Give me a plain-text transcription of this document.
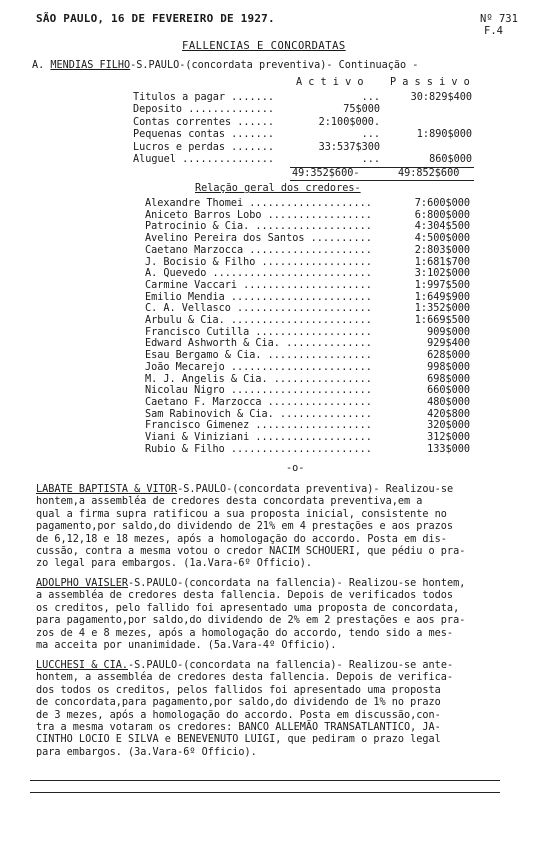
SÃO PAULO, 16 DE FEVEREIRO DE 1927.	Nº 731
F.4
FALLENCIAS E CONCORDATAS
A. MENDIAS FILHO-S.PAULO-(concordata preventiva)- Continuação -
A c t i v o	P a s s i v o
Titulos a pagar .......	...	30:829$400
Deposito ..............	75$000
Contas correntes ......	2:100$000.
Pequenas contas .......	...	1:890$000
Lucros e perdas .......	33:537$300
Aluguel ...............	...	860$000
49:352$600-	49:852$600
Relação geral dos credores-
Alexandre Thomei ....................	7:600$000
Aniceto Barros Lobo .................	6:800$000
Patrocinio & Cia. ...................	4:304$500
Avelino Pereira dos Santos ..........	4:500$000
Caetano Marzocca ....................	2:803$000
J. Bocisio & Filho ..................	1:681$700
A. Quevedo ..........................	3:102$000
Carmine Vaccari .....................	1:997$500
Emilio Mendia .......................	1:649$900
C. A. Vellasco ......................	1:352$000
Arbulu & Cia. .......................	1:669$500
Francisco Cutilla ...................	909$000
Edward Ashworth & Cia. ..............	929$400
Esau Bergamo & Cia. .................	628$000
João Mecarejo .......................	998$000
M. J. Angelis & Cia. ................	698$000
Nicolau Nigro .......................	660$000
Caetano F. Marzocca .................	480$000
Sam Rabinovich & Cia. ...............	420$800
Francisco Gimenez ...................	320$000
Viani & Viniziani ...................	312$000
Rubio & Filho .......................	133$000
-o-
LABATE BAPTISTA & VITOR-S.PAULO-(concordata preventiva)- Realizou-se
hontem,a assembléa de credores desta concordata preventiva,em a
qual a firma supra ratificou a sua proposta inicial, consistente no
pagamento,por saldo,do dividendo de 21% em 4 prestações e aos prazos
de 6,12,18 e 18 mezes, após a homologação do accordo. Posta em dis-
cussão, contra a mesma votou o credor NACIM SCHOUERI, que pédiu o pra-
zo legal para embargos. (1a.Vara-6º Officio).
ADOLPHO VAISLER-S.PAULO-(concordata na fallencia)- Realizou-se hontem,
a assembléa de credores desta fallencia. Depois de verificados todos
os creditos, pelo fallido foi apresentado uma proposta de concordata,
para pagamento,por saldo,do dividendo de 2% em 2 prestações e aos pra-
zos de 4 e 8 mezes, após a homologação do accordo, tendo sido a mes-
ma acceita por unanimidade. (5a.Vara-4º Officio).
LUCCHESI & CIA.-S.PAULO-(concordata na fallencia)- Realizou-se ante-
hontem, a assembléa de credores desta fallencia. Depois de verifica-
dos todos os creditos, pelos fallidos foi apresentado uma proposta
de concordata,para pagamento,por saldo,do dividendo de 1% no prazo
de 3 mezes, após a homologação do accordo. Posta em discussão,con-
tra a mesma votaram os credores: BANCO ALLEMÃO TRANSATLANTICO, JA-
CINTHO LOCIO E SILVA e BENEVENUTO LUIGI, que pediram o prazo legal
para embargos. (3a.Vara-6º Officio).
